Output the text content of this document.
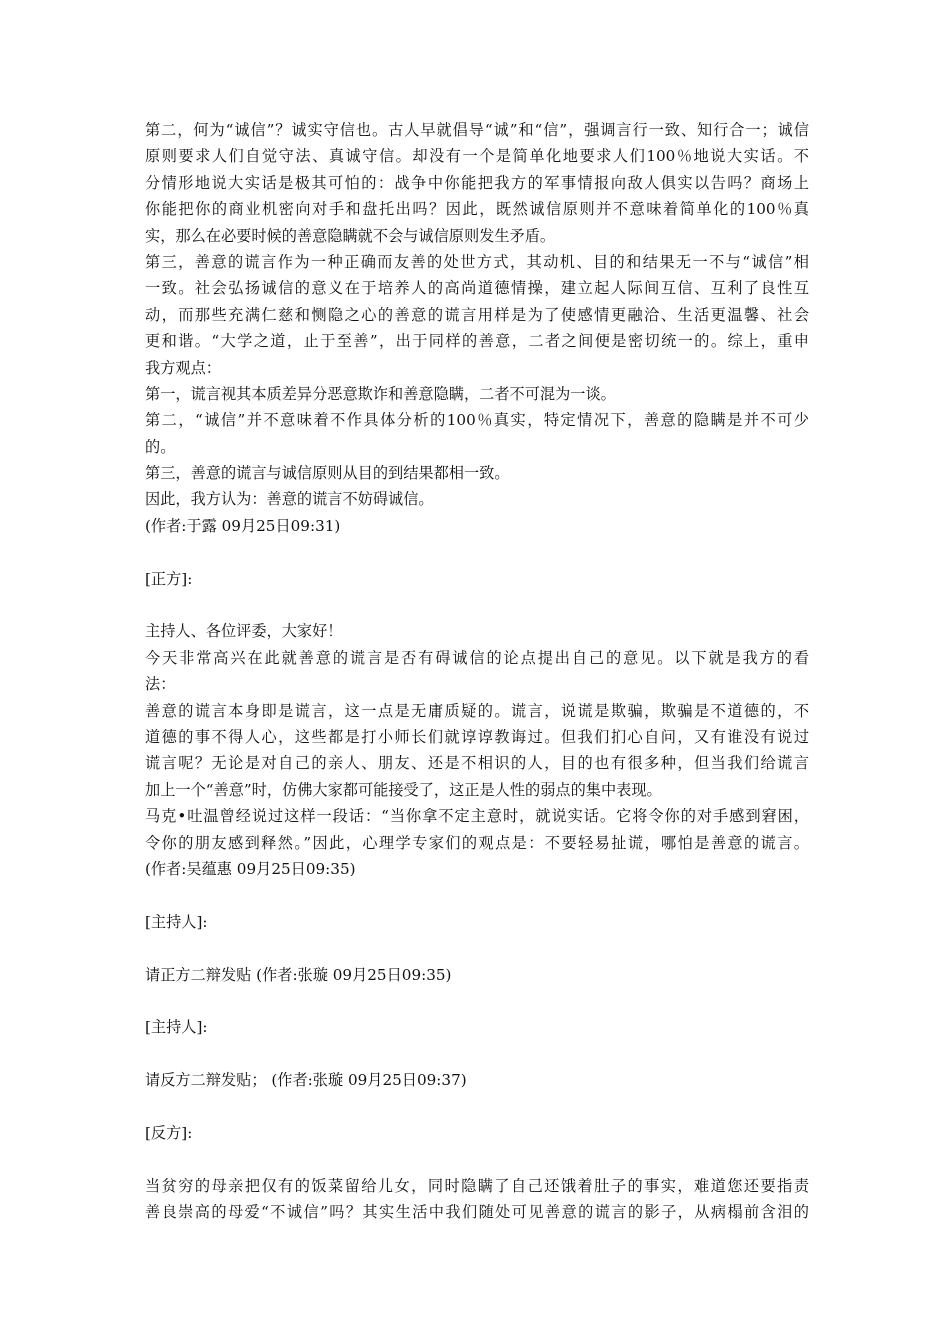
第二，何为“诚信”？诚实守信也。古人早就倡导“诚”和“信”，强调言行一致、知行合一；诚信
原则要求人们自觉守法、真诚守信。却没有一个是简单化地要求人们100％地说大实话。不
分情形地说大实话是极其可怕的：战争中你能把我方的军事情报向敌人俱实以告吗？商场上
你能把你的商业机密向对手和盘托出吗？因此，既然诚信原则并不意味着简单化的100％真
实，那么在必要时候的善意隐瞒就不会与诚信原则发生矛盾。
第三，善意的谎言作为一种正确而友善的处世方式，其动机、目的和结果无一不与“诚信”相
一致。社会弘扬诚信的意义在于培养人的高尚道德情操，建立起人际间互信、互利了良性互
动，而那些充满仁慈和恻隐之心的善意的谎言用样是为了使感情更融洽、生活更温馨、社会
更和谐。“大学之道，止于至善”，出于同样的善意，二者之间便是密切统一的。综上，重申
我方观点：
第一，谎言视其本质差异分恶意欺诈和善意隐瞒，二者不可混为一谈。
第二，“诚信”并不意味着不作具体分析的100％真实，特定情况下，善意的隐瞒是并不可少
的。
第三，善意的谎言与诚信原则从目的到结果都相一致。
因此，我方认为：善意的谎言不妨碍诚信。
(作者:于露 09月25日09:31)
[正方]:
主持人、各位评委，大家好！
今天非常高兴在此就善意的谎言是否有碍诚信的论点提出自己的意见。以下就是我方的看
法：
善意的谎言本身即是谎言，这一点是无庸质疑的。谎言，说谎是欺骗，欺骗是不道德的，不
道德的事不得人心，这些都是打小师长们就谆谆教诲过。但我们扪心自问，又有谁没有说过
谎言呢？无论是对自己的亲人、朋友、还是不相识的人，目的也有很多种，但当我们给谎言
加上一个“善意”时，仿佛大家都可能接受了，这正是人性的弱点的集中表现。
马克•吐温曾经说过这样一段话：“当你拿不定主意时，就说实话。它将令你的对手感到窘困，
令你的朋友感到释然。”因此，心理学专家们的观点是：不要轻易扯谎，哪怕是善意的谎言。
(作者:吴蕴惠 09月25日09:35)
[主持人]:
请正方二辩发贴 (作者:张璇 09月25日09:35)
[主持人]:
请反方二辩发贴； (作者:张璇 09月25日09:37)
[反方]:
当贫穷的母亲把仅有的饭菜留给儿女，同时隐瞒了自己还饿着肚子的事实，难道您还要指责
善良崇高的母爱“不诚信”吗？其实生活中我们随处可见善意的谎言的影子，从病榻前含泪的
